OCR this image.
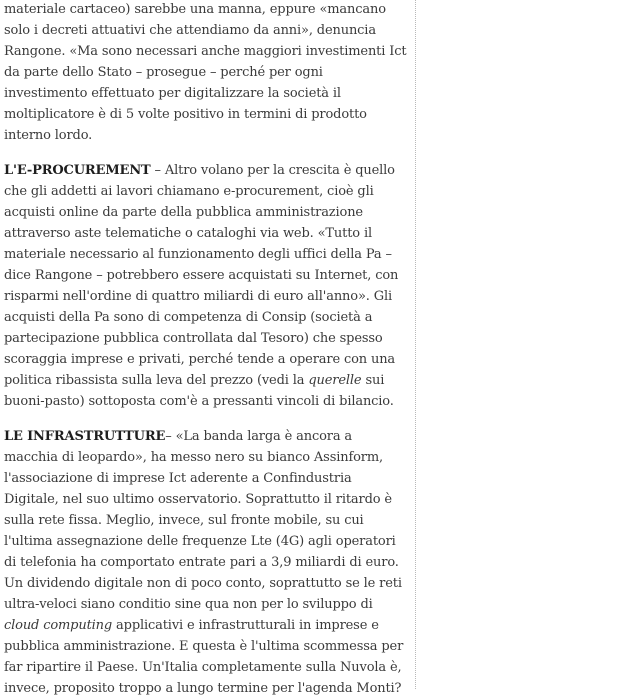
materiale cartaceo) sarebbe una manna, eppure «mancano solo i decreti attuativi che attendiamo da anni», denuncia Rangone. «Ma sono necessari anche maggiori investimenti Ict da parte dello Stato – prosegue – perché per ogni investimento effettuato per digitalizzare la società il moltiplicatore è di 5 volte positivo in termini di prodotto interno lordo.

L'E-PROCUREMENT – Altro volano per la crescita è quello che gli addetti ai lavori chiamano e-procurement, cioè gli acquisti online da parte della pubblica amministrazione attraverso aste telematiche o cataloghi via web. «Tutto il materiale necessario al funzionamento degli uffici della Pa – dice Rangone – potrebbero essere acquistati su Internet, con risparmi nell'ordine di quattro miliardi di euro all'anno». Gli acquisti della Pa sono di competenza di Consip (società a partecipazione pubblica controllata dal Tesoro) che spesso scoraggia imprese e privati, perché tende a operare con una politica ribassista sulla leva del prezzo (vedi la querelle sui buoni-pasto) sottoposta com'è a pressanti vincoli di bilancio.

LE INFRASTRUTTURE– «La banda larga è ancora a macchia di leopardo», ha messo nero su bianco Assinform, l'associazione di imprese Ict aderente a Confindustria Digitale, nel suo ultimo osservatorio. Soprattutto il ritardo è sulla rete fissa. Meglio, invece, sul fronte mobile, su cui l'ultima assegnazione delle frequenze Lte (4G) agli operatori di telefonia ha comportato entrate pari a 3,9 miliardi di euro. Un dividendo digitale non di poco conto, soprattutto se le reti ultra-veloci siano conditio sine qua non per lo sviluppo di cloud computing applicativi e infrastrutturali in imprese e pubblica amministrazione. E questa è l'ultima scommessa per far ripartire il Paese. Un'Italia completamente sulla Nuvola è, invece, proposito troppo a lungo termine per l'agenda Monti?
